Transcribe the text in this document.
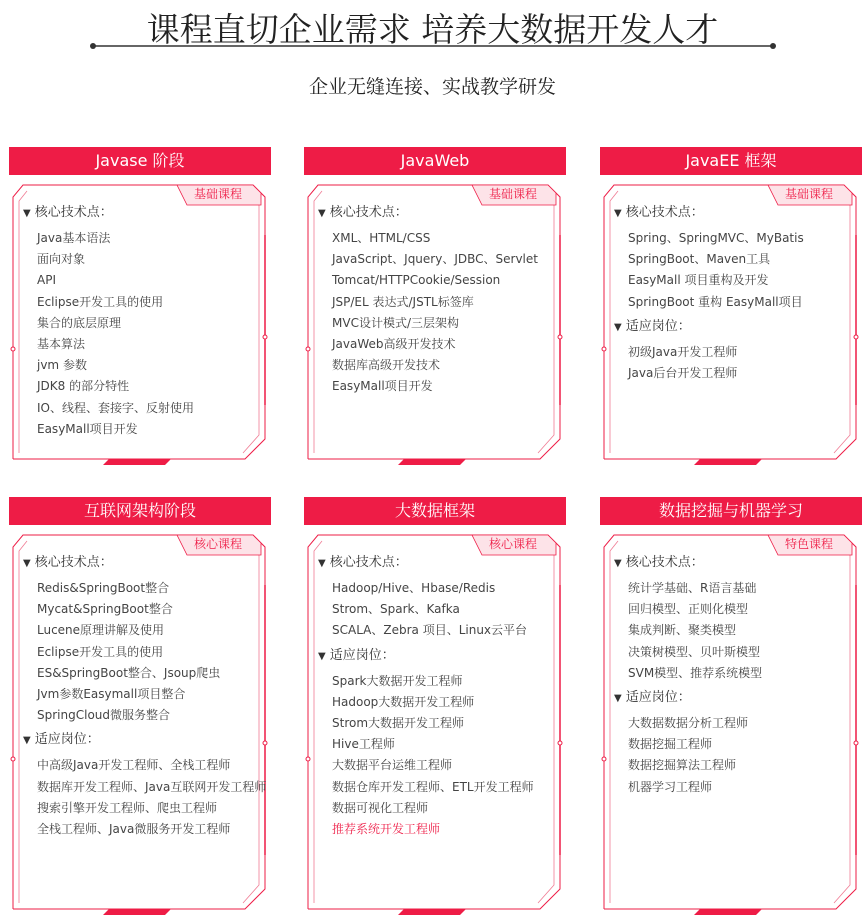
课程直切企业需求 培养大数据开发人才
企业无缝连接、实战教学研发
Javase 阶段
基础课程
▼ 核心技术点：
Java基本语法
面向对象
API
Eclipse开发工具的使用
集合的底层原理
基本算法
jvm 参数
JDK8 的部分特性
IO、线程、套接字、反射使用
EasyMall项目开发
JavaWeb
基础课程
▼ 核心技术点：
XML、HTML/CSS
JavaScript、Jquery、JDBC、Servlet
Tomcat/HTTPCookie/Session
JSP/EL 表达式/JSTL标签库
MVC设计模式/三层架构
JavaWeb高级开发技术
数据库高级开发技术
EasyMall项目开发
JavaEE 框架
基础课程
▼ 核心技术点：
Spring、SpringMVC、MyBatis
SpringBoot、Maven工具
EasyMall 项目重构及开发
SpringBoot 重构 EasyMall项目
▼ 适应岗位：
初级Java开发工程师
Java后台开发工程师
互联网架构阶段
核心课程
▼ 核心技术点：
Redis&SpringBoot整合
Mycat&SpringBoot整合
Lucene原理讲解及使用
Eclipse开发工具的使用
ES&SpringBoot整合、Jsoup爬虫
Jvm参数Easymall项目整合
SpringCloud微服务整合
▼ 适应岗位：
中高级Java开发工程师、全栈工程师
数据库开发工程师、Java互联网开发工程师
搜索引擎开发工程师、爬虫工程师
全栈工程师、Java微服务开发工程师
大数据框架
核心课程
▼ 核心技术点：
Hadoop/Hive、Hbase/Redis
Strom、Spark、Kafka
SCALA、Zebra 项目、Linux云平台
▼ 适应岗位：
Spark大数据开发工程师
Hadoop大数据开发工程师
Strom大数据开发工程师
Hive工程师
大数据平台运维工程师
数据仓库开发工程师、ETL开发工程师
数据可视化工程师
推荐系统开发工程师
数据挖掘与机器学习
特色课程
▼ 核心技术点：
统计学基础、R语言基础
回归模型、正则化模型
集成判断、聚类模型
决策树模型、贝叶斯模型
SVM模型、推荐系统模型
▼ 适应岗位：
大数据数据分析工程师
数据挖掘工程师
数据挖掘算法工程师
机器学习工程师
